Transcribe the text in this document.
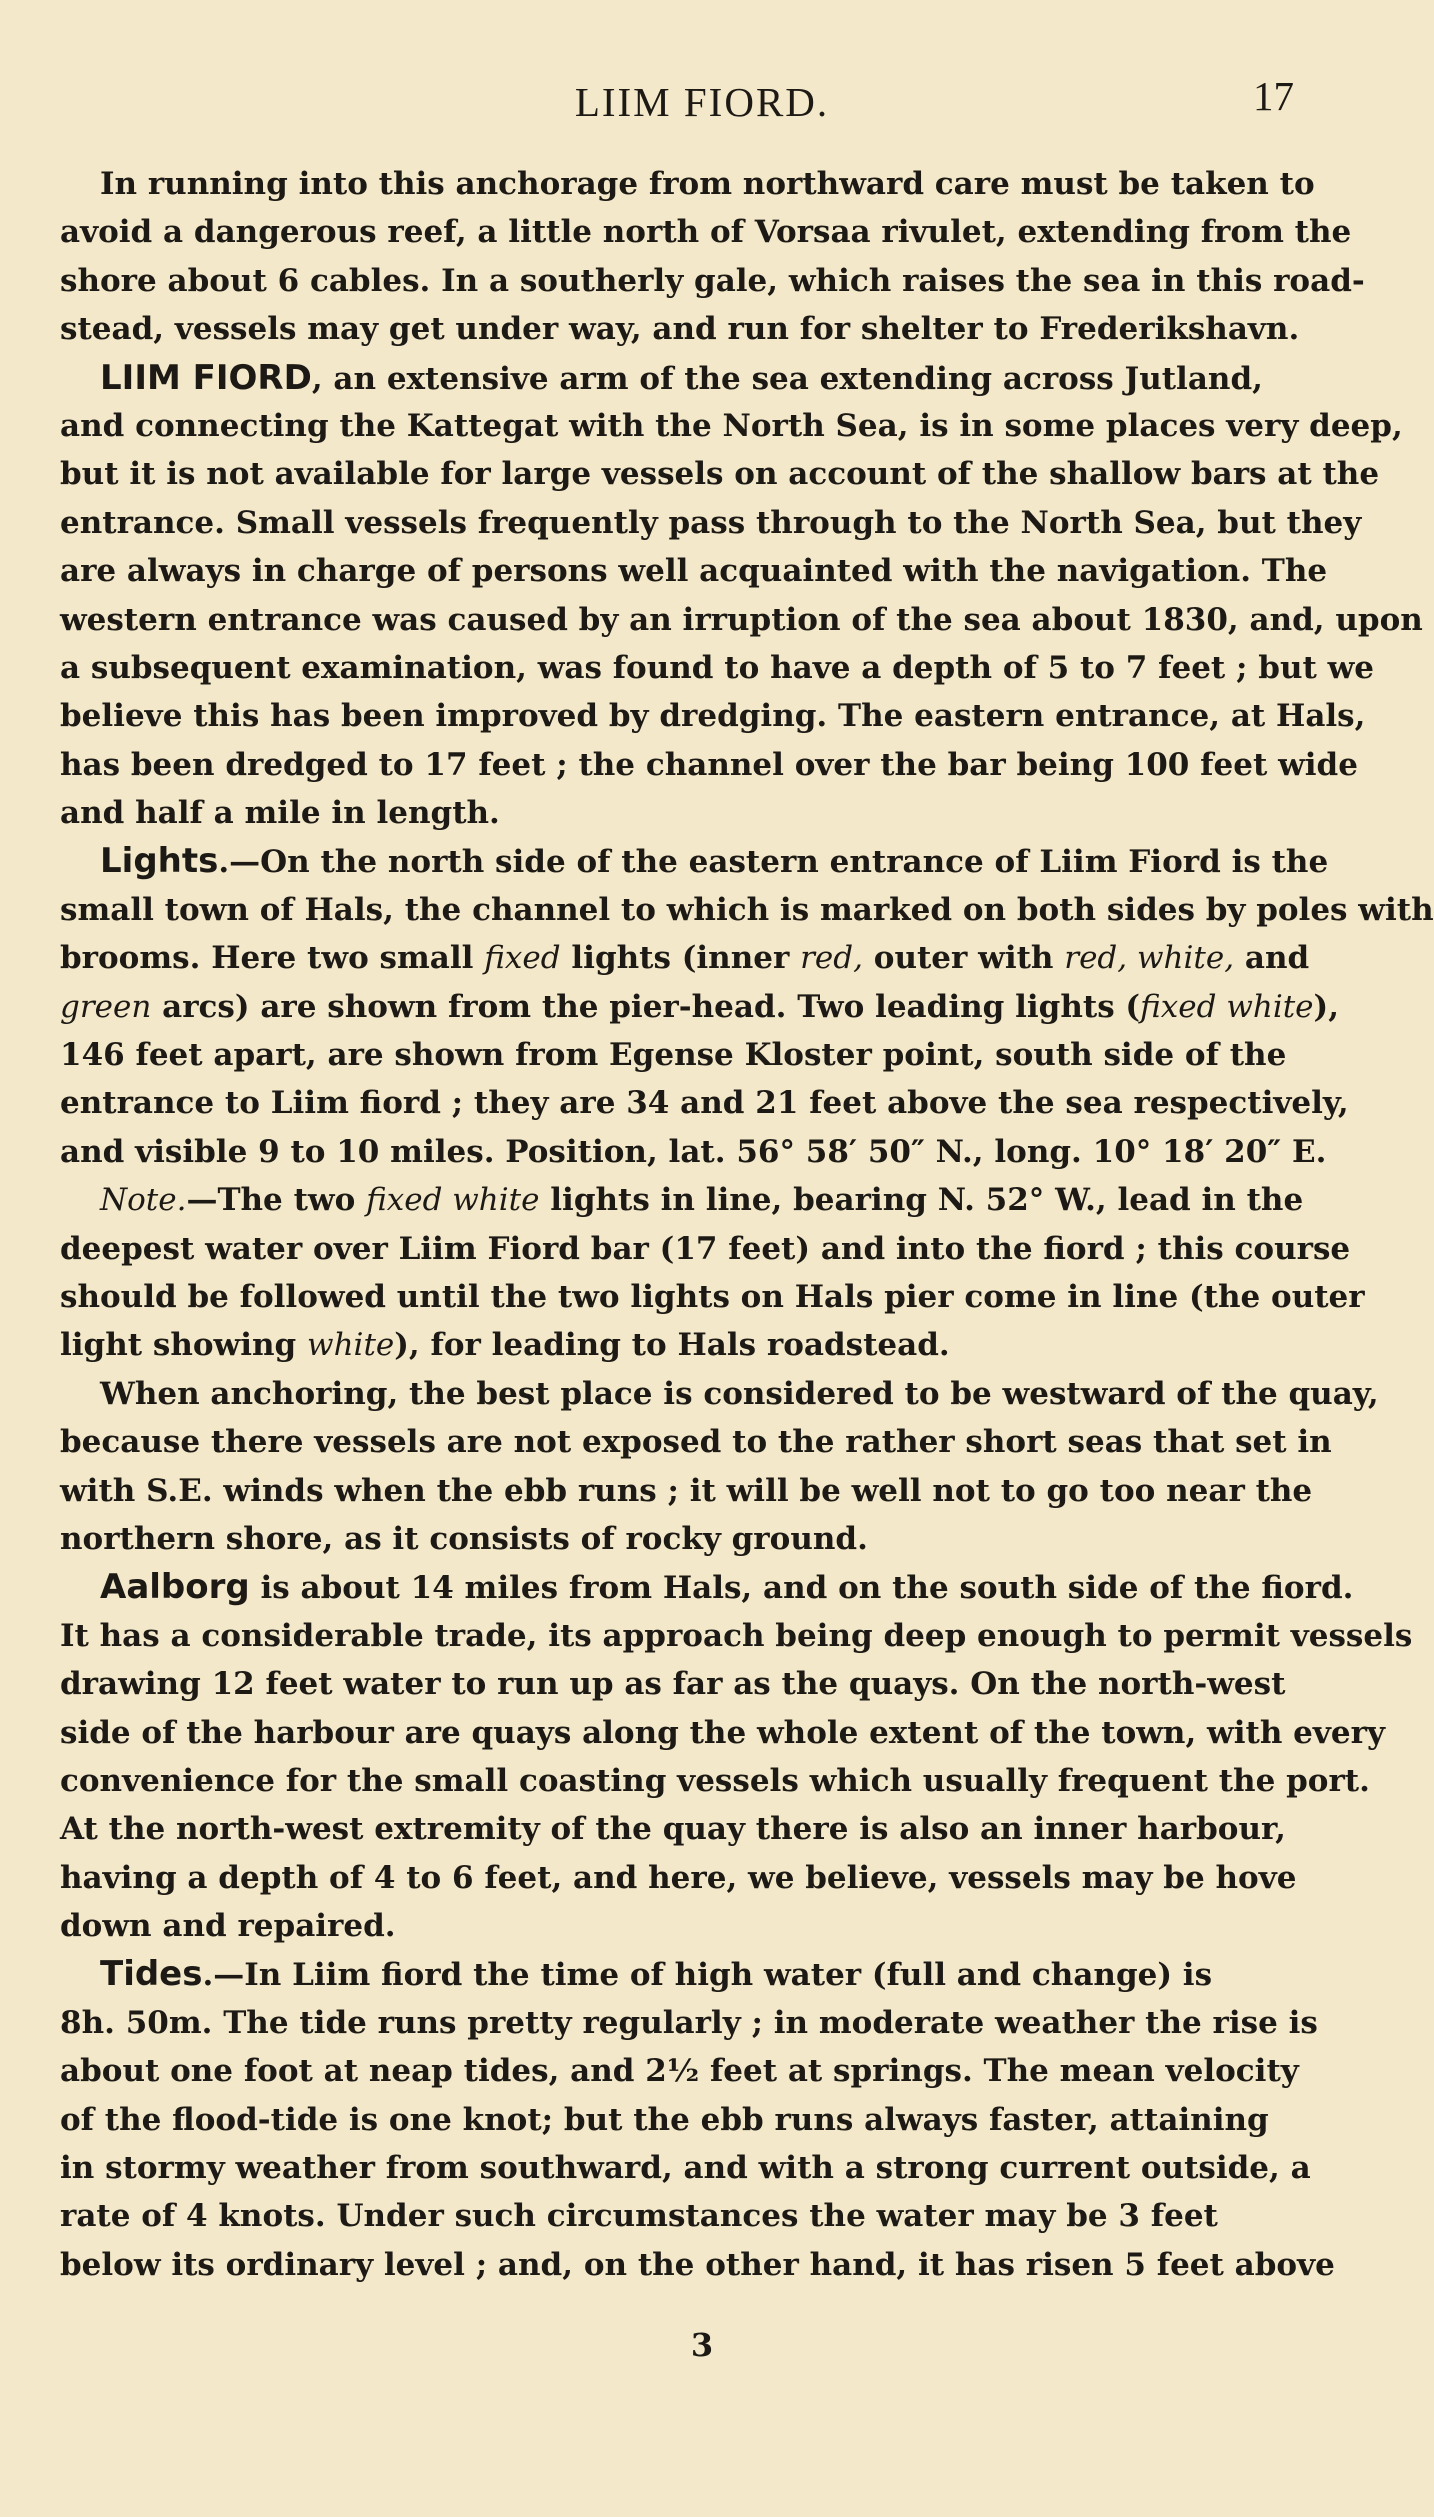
LIIM FIORD.	17
In running into this anchorage from northward care must be taken to
avoid a dangerous reef, a little north of Vorsaa rivulet, extending from the
shore about 6 cables. In a southerly gale, which raises the sea in this road-
stead, vessels may get under way, and run for shelter to Frederikshavn.
LIIM FIORD, an extensive arm of the sea extending across Jutland,
and connecting the Kattegat with the North Sea, is in some places very deep,
but it is not available for large vessels on account of the shallow bars at the
entrance. Small vessels frequently pass through to the North Sea, but they
are always in charge of persons well acquainted with the navigation. The
western entrance was caused by an irruption of the sea about 1830, and, upon
a subsequent examination, was found to have a depth of 5 to 7 feet ; but we
believe this has been improved by dredging. The eastern entrance, at Hals,
has been dredged to 17 feet ; the channel over the bar being 100 feet wide
and half a mile in length.
Lights.—On the north side of the eastern entrance of Liim Fiord is the
small town of Hals, the channel to which is marked on both sides by poles with
brooms. Here two small fixed lights (inner red, outer with red, white, and
green arcs) are shown from the pier-head. Two leading lights (fixed white),
146 feet apart, are shown from Egense Kloster point, south side of the
entrance to Liim fiord ; they are 34 and 21 feet above the sea respectively,
and visible 9 to 10 miles. Position, lat. 56° 58′ 50″ N., long. 10° 18′ 20″ E.
Note.—The two fixed white lights in line, bearing N. 52° W., lead in the
deepest water over Liim Fiord bar (17 feet) and into the fiord ; this course
should be followed until the two lights on Hals pier come in line (the outer
light showing white), for leading to Hals roadstead.
When anchoring, the best place is considered to be westward of the quay,
because there vessels are not exposed to the rather short seas that set in
with S.E. winds when the ebb runs ; it will be well not to go too near the
northern shore, as it consists of rocky ground.
Aalborg is about 14 miles from Hals, and on the south side of the fiord.
It has a considerable trade, its approach being deep enough to permit vessels
drawing 12 feet water to run up as far as the quays. On the north-west
side of the harbour are quays along the whole extent of the town, with every
convenience for the small coasting vessels which usually frequent the port.
At the north-west extremity of the quay there is also an inner harbour,
having a depth of 4 to 6 feet, and here, we believe, vessels may be hove
down and repaired.
Tides.—In Liim fiord the time of high water (full and change) is
8h. 50m. The tide runs pretty regularly ; in moderate weather the rise is
about one foot at neap tides, and 2½ feet at springs. The mean velocity
of the flood-tide is one knot; but the ebb runs always faster, attaining
in stormy weather from southward, and with a strong current outside, a
rate of 4 knots. Under such circumstances the water may be 3 feet
below its ordinary level ; and, on the other hand, it has risen 5 feet above
3
